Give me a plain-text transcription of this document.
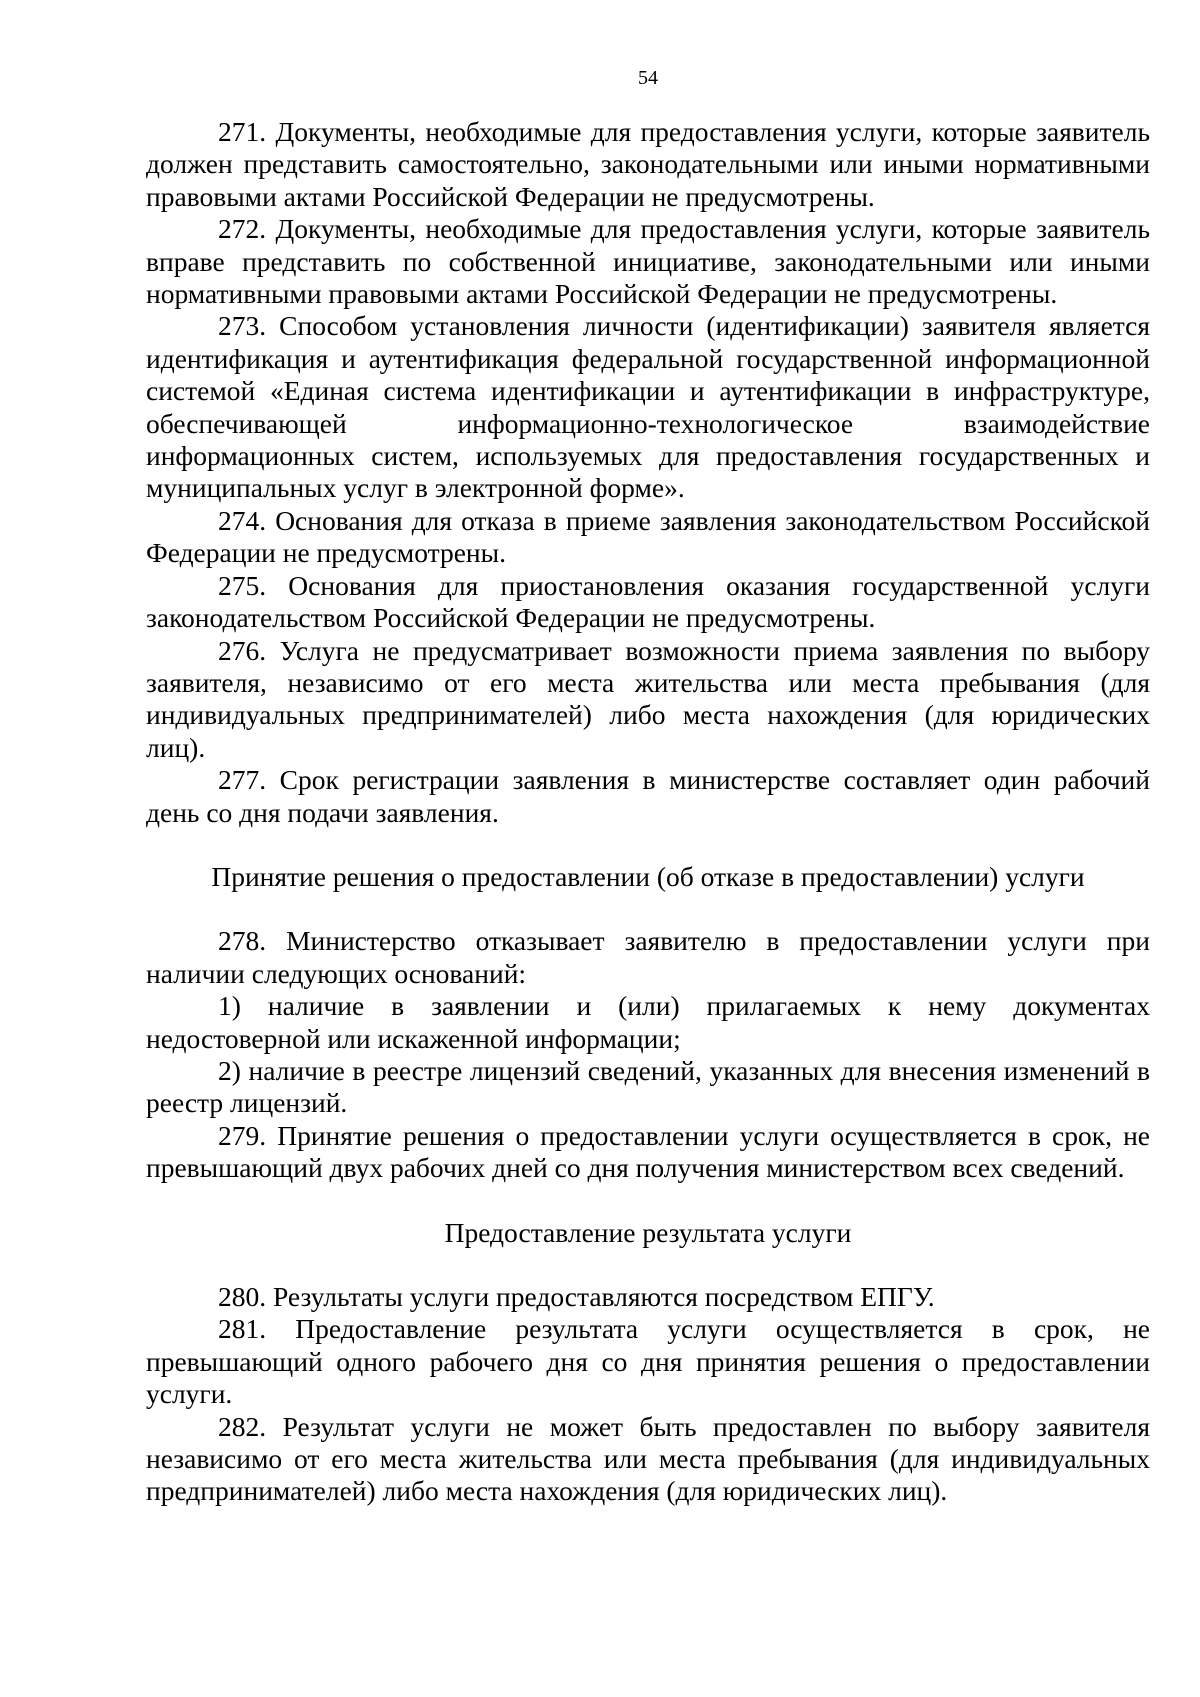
54

271. Документы, необходимые для предоставления услуги, которые заявитель должен представить самостоятельно, законодательными или иными нормативными правовыми актами Российской Федерации не предусмотрены.

272. Документы, необходимые для предоставления услуги, которые заявитель вправе представить по собственной инициативе, законодательными или иными нормативными правовыми актами Российской Федерации не предусмотрены.

273. Способом установления личности (идентификации) заявителя является идентификация и аутентификация федеральной государственной информационной системой «Единая система идентификации и аутентификации в инфраструктуре, обеспечивающей информационно-технологическое взаимодействие информационных систем, используемых для предоставления государственных и муниципальных услуг в электронной форме».

274. Основания для отказа в приеме заявления законодательством Российской Федерации не предусмотрены.

275. Основания для приостановления оказания государственной услуги законодательством Российской Федерации не предусмотрены.

276. Услуга не предусматривает возможности приема заявления по выбору заявителя, независимо от его места жительства или места пребывания (для индивидуальных предпринимателей) либо места нахождения (для юридических лиц).

277. Срок регистрации заявления в министерстве составляет один рабочий день со дня подачи заявления.

Принятие решения о предоставлении (об отказе в предоставлении) услуги

278. Министерство отказывает заявителю в предоставлении услуги при наличии следующих оснований:

1) наличие в заявлении и (или) прилагаемых к нему документах недостоверной или искаженной информации;

2) наличие в реестре лицензий сведений, указанных для внесения изменений в реестр лицензий.

279. Принятие решения о предоставлении услуги осуществляется в срок, не превышающий двух рабочих дней со дня получения министерством всех сведений.

Предоставление результата услуги

280. Результаты услуги предоставляются посредством ЕПГУ.

281. Предоставление результата услуги осуществляется в срок, не превышающий одного рабочего дня со дня принятия решения о предоставлении услуги.

282. Результат услуги не может быть предоставлен по выбору заявителя независимо от его места жительства или места пребывания (для индивидуальных предпринимателей) либо места нахождения (для юридических лиц).
